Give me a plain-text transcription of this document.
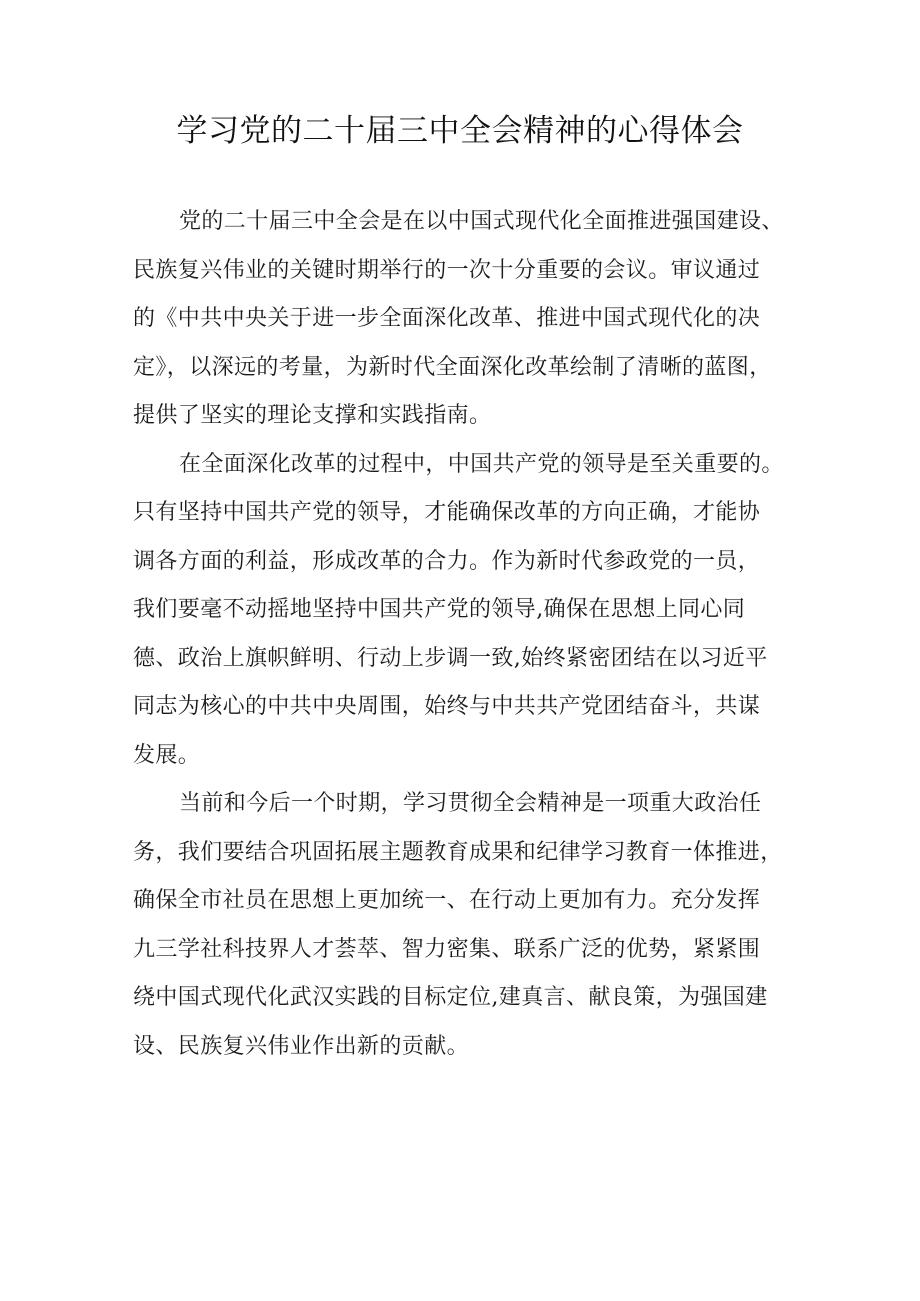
学习党的二十届三中全会精神的心得体会

党的二十届三中全会是在以中国式现代化全面推进强国建设、
民族复兴伟业的关键时期举行的一次十分重要的会议。审议通过
的《中共中央关于进一步全面深化改革、推进中国式现代化的决
定》，以深远的考量，为新时代全面深化改革绘制了清晰的蓝图，
提供了坚实的理论支撑和实践指南。

在全面深化改革的过程中，中国共产党的领导是至关重要的。
只有坚持中国共产党的领导，才能确保改革的方向正确，才能协
调各方面的利益，形成改革的合力。作为新时代参政党的一员，
我们要毫不动摇地坚持中国共产党的领导,确保在思想上同心同
德、政治上旗帜鲜明、行动上步调一致,始终紧密团结在以习近平
同志为核心的中共中央周围，始终与中共共产党团结奋斗，共谋
发展。

当前和今后一个时期，学习贯彻全会精神是一项重大政治任
务，我们要结合巩固拓展主题教育成果和纪律学习教育一体推进，
确保全市社员在思想上更加统一、在行动上更加有力。充分发挥
九三学社科技界人才荟萃、智力密集、联系广泛的优势，紧紧围
绕中国式现代化武汉实践的目标定位,建真言、献良策，为强国建
设、民族复兴伟业作出新的贡献。
